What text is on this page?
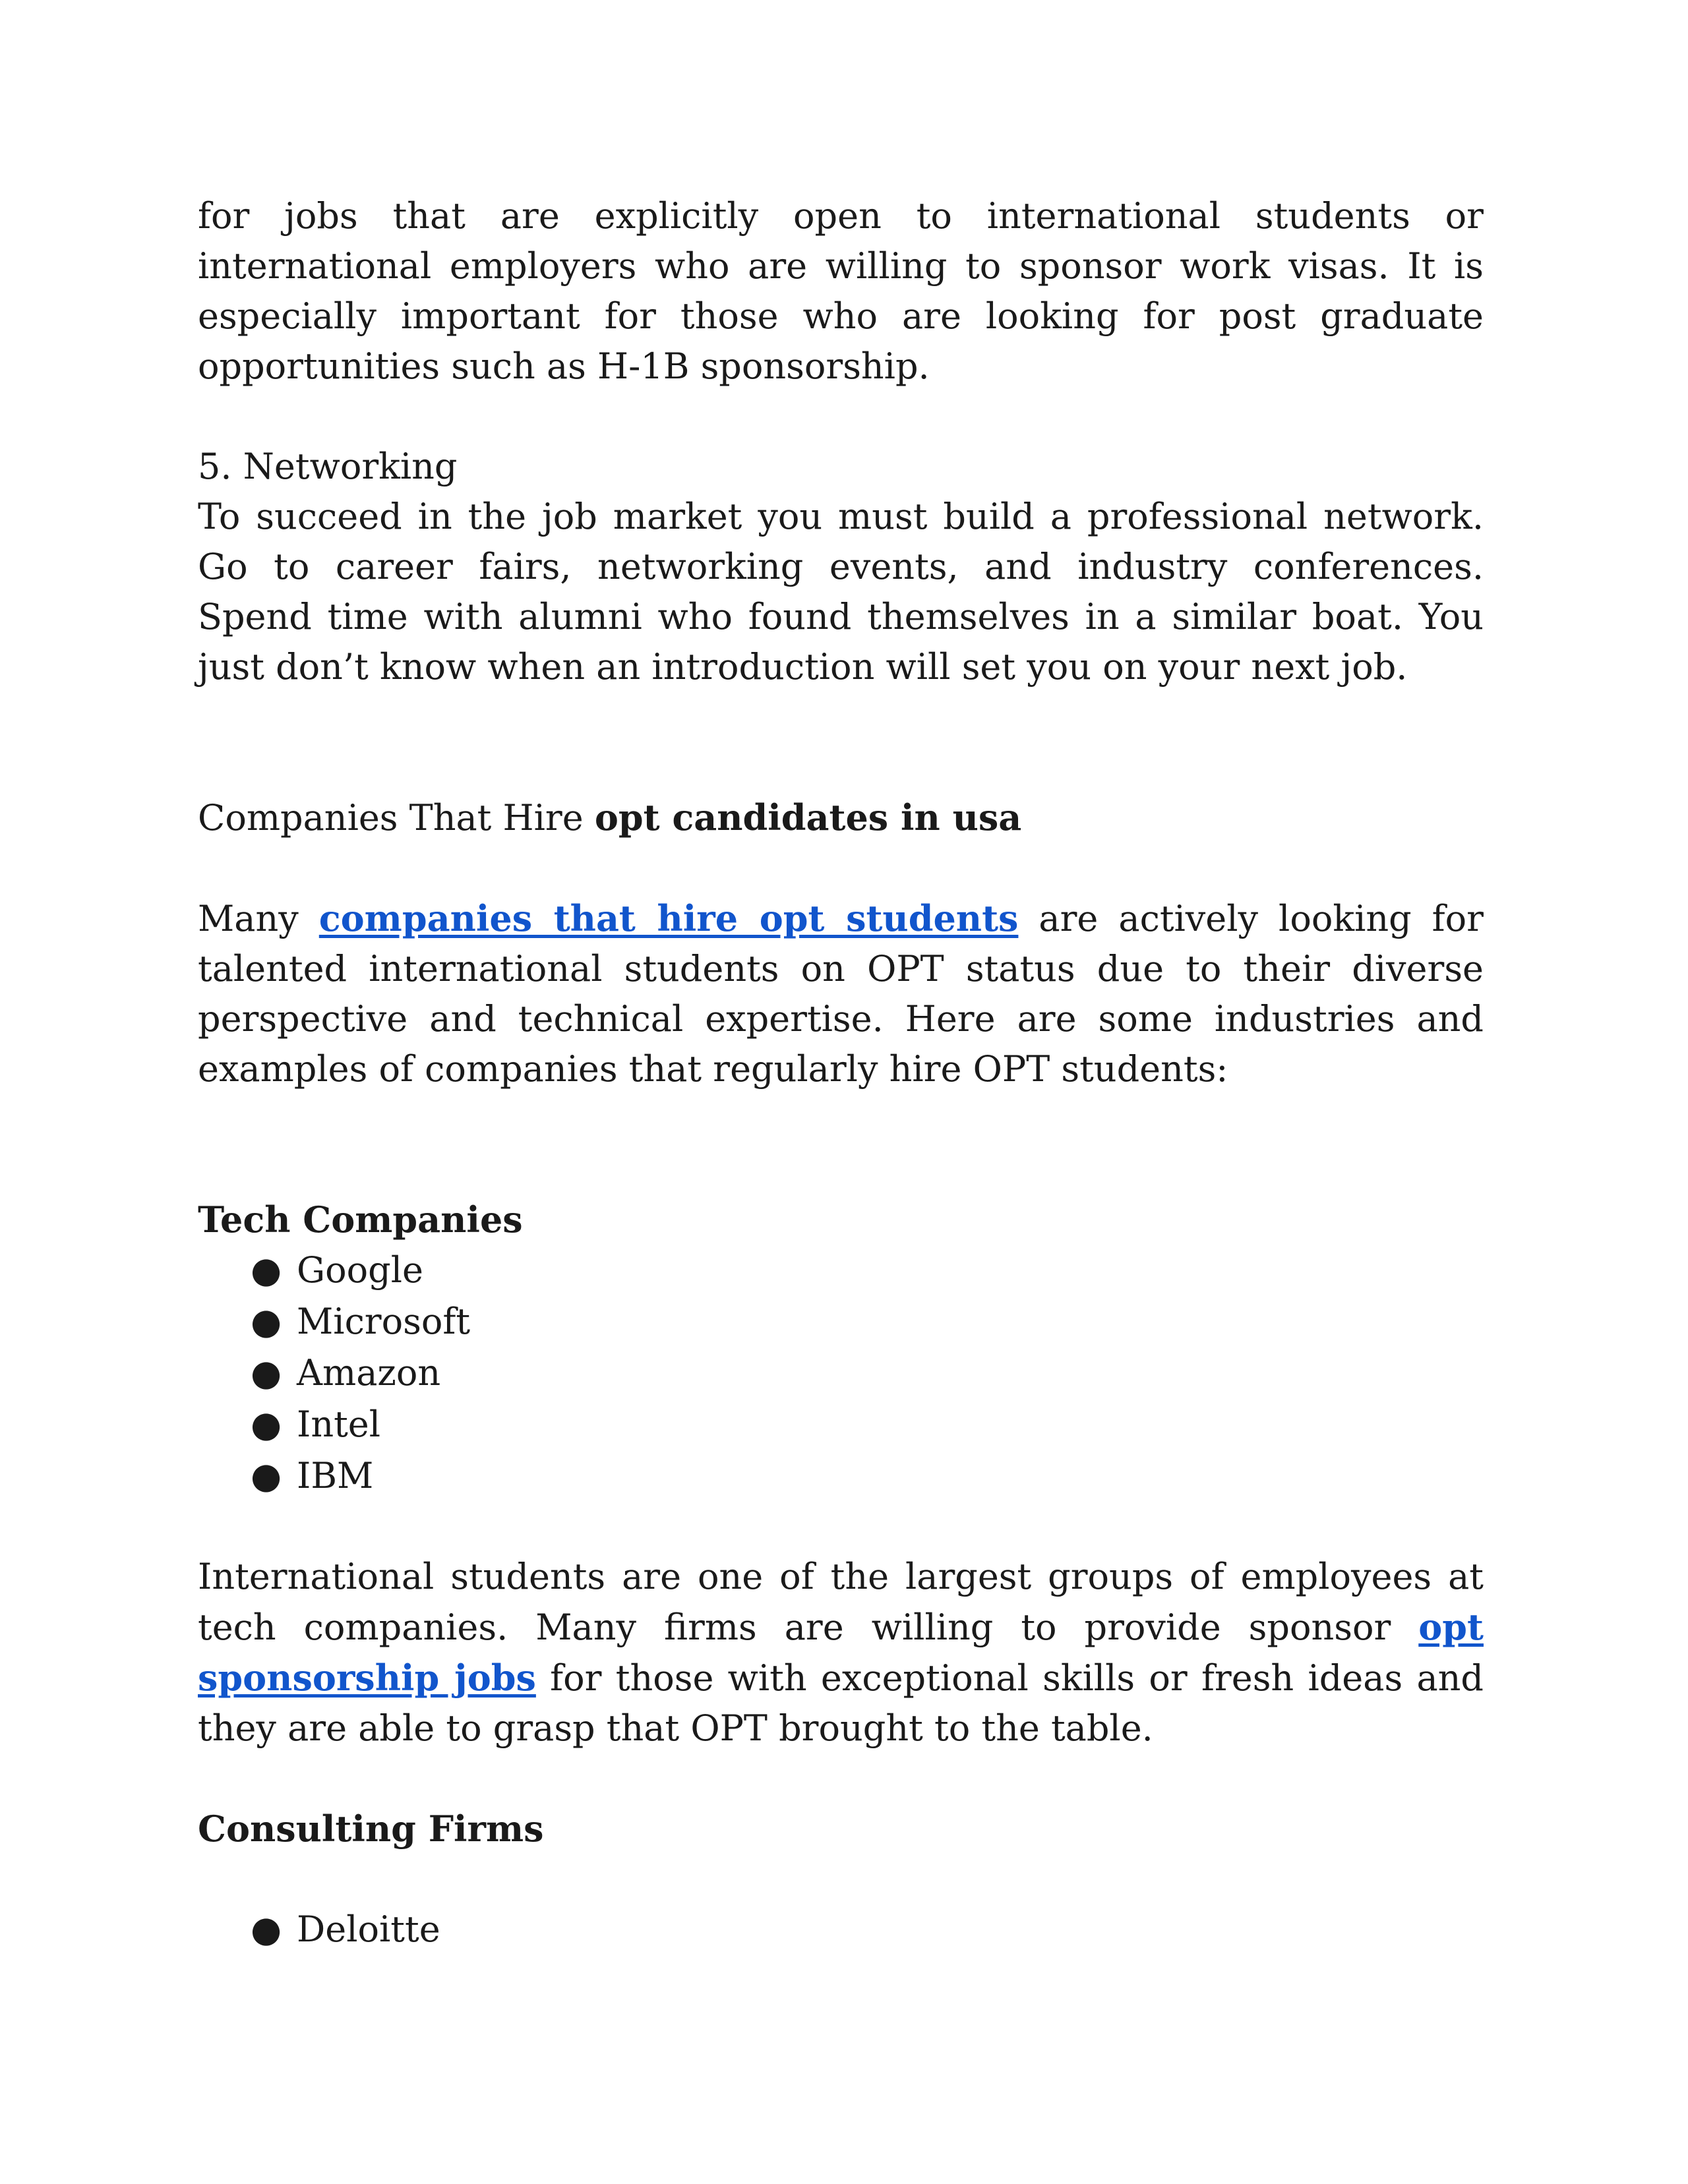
for jobs that are explicitly open to international students or international employers who are willing to sponsor work visas. It is especially important for those who are looking for post graduate opportunities such as H-1B sponsorship.

5. Networking

To succeed in the job market you must build a professional network. Go to career fairs, networking events, and industry conferences. Spend time with alumni who found themselves in a similar boat. You just don’t know when an introduction will set you on your next job.

Companies That Hire opt candidates in usa

Many companies that hire opt students are actively looking for talented international students on OPT status due to their diverse perspective and technical expertise. Here are some industries and examples of companies that regularly hire OPT students:

Tech Companies

● Google
● Microsoft
● Amazon
● Intel
● IBM

International students are one of the largest groups of employees at tech companies. Many firms are willing to provide sponsor opt sponsorship jobs for those with exceptional skills or fresh ideas and they are able to grasp that OPT brought to the table.

Consulting Firms

● Deloitte
